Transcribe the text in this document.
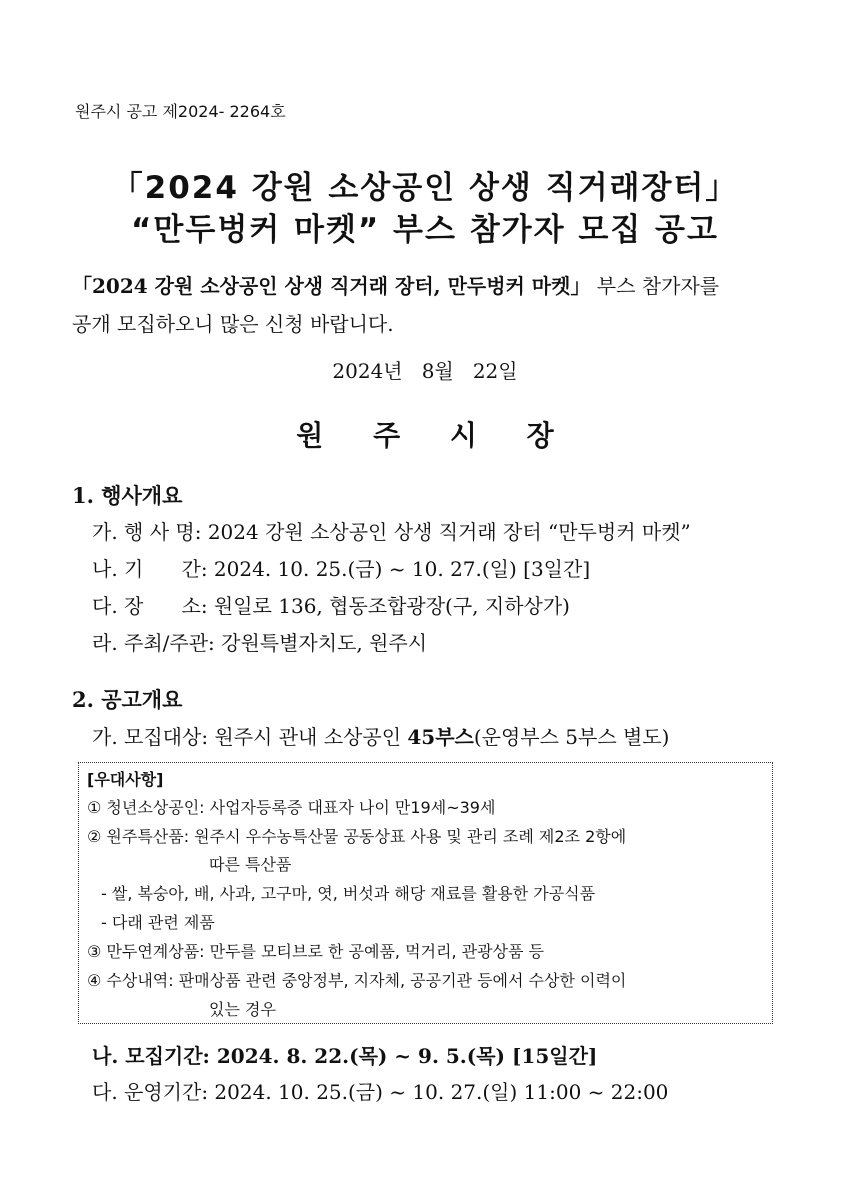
원주시 공고 제2024- 2264호
「2024 강원 소상공인 상생 직거래장터」
“만두벙커 마켓” 부스 참가자 모집 공고
「2024 강원 소상공인 상생 직거래 장터, 만두벙커 마켓」 부스 참가자를
공개 모집하오니 많은 신청 바랍니다.
2024년   8월   22일
원 주 시 장
1. 행사개요
가. 행 사 명: 2024 강원 소상공인 상생 직거래 장터 “만두벙커 마켓”
나. 기      간: 2024. 10. 25.(금) ~ 10. 27.(일) [3일간]
다. 장      소: 원일로 136, 협동조합광장(구, 지하상가)
라. 주최/주관: 강원특별자치도, 원주시
2. 공고개요
가. 모집대상: 원주시 관내 소상공인 45부스(운영부스 5부스 별도)
[우대사항]
① 청년소상공인: 사업자등록증 대표자 나이 만19세~39세
② 원주특산품: 원주시 우수농특산물 공동상표 사용 및 관리 조례 제2조 2항에
따른 특산품
- 쌀, 복숭아, 배, 사과, 고구마, 엿, 버섯과 해당 재료를 활용한 가공식품
- 다래 관련 제품
③ 만두연계상품: 만두를 모티브로 한 공예품, 먹거리, 관광상품 등
④ 수상내역: 판매상품 관련 중앙정부, 지자체, 공공기관 등에서 수상한 이력이
있는 경우
나. 모집기간: 2024. 8. 22.(목) ~ 9. 5.(목) [15일간]
다. 운영기간: 2024. 10. 25.(금) ~ 10. 27.(일) 11:00 ~ 22:00
